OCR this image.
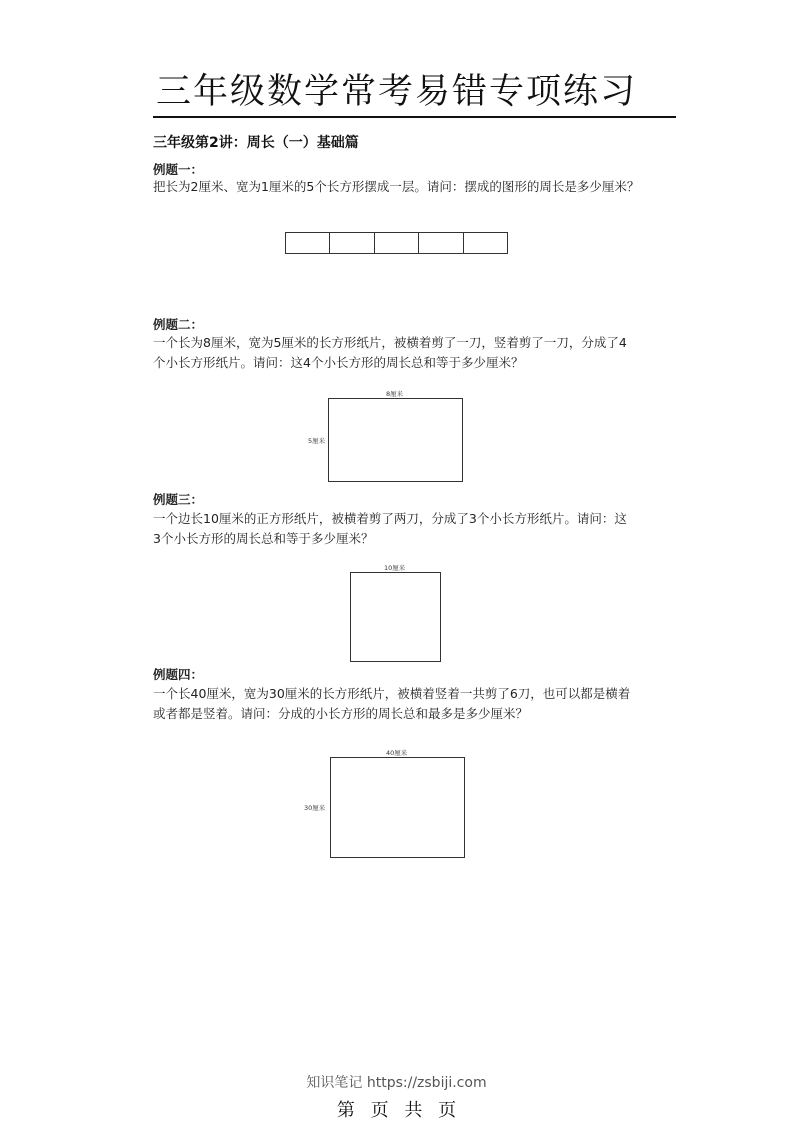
三年级数学常考易错专项练习
三年级第2讲：周长（一）基础篇
例题一：
把长为2厘米、宽为1厘米的5个长方形摆成一层。请问：摆成的图形的周长是多少厘米？
例题二：
一个长为8厘米，宽为5厘米的长方形纸片，被横着剪了一刀，竖着剪了一刀，分成了4
个小长方形纸片。请问：这4个小长方形的周长总和等于多少厘米？
8厘米
5厘米
例题三：
一个边长10厘米的正方形纸片，被横着剪了两刀，分成了3个小长方形纸片。请问：这
3个小长方形的周长总和等于多少厘米？
10厘米
例题四：
一个长40厘米，宽为30厘米的长方形纸片，被横着竖着一共剪了6刀，也可以都是横着
或者都是竖着。请问：分成的小长方形的周长总和最多是多少厘米？
40厘米
30厘米
知识笔记 https://zsbiji.com
第 页 共 页
